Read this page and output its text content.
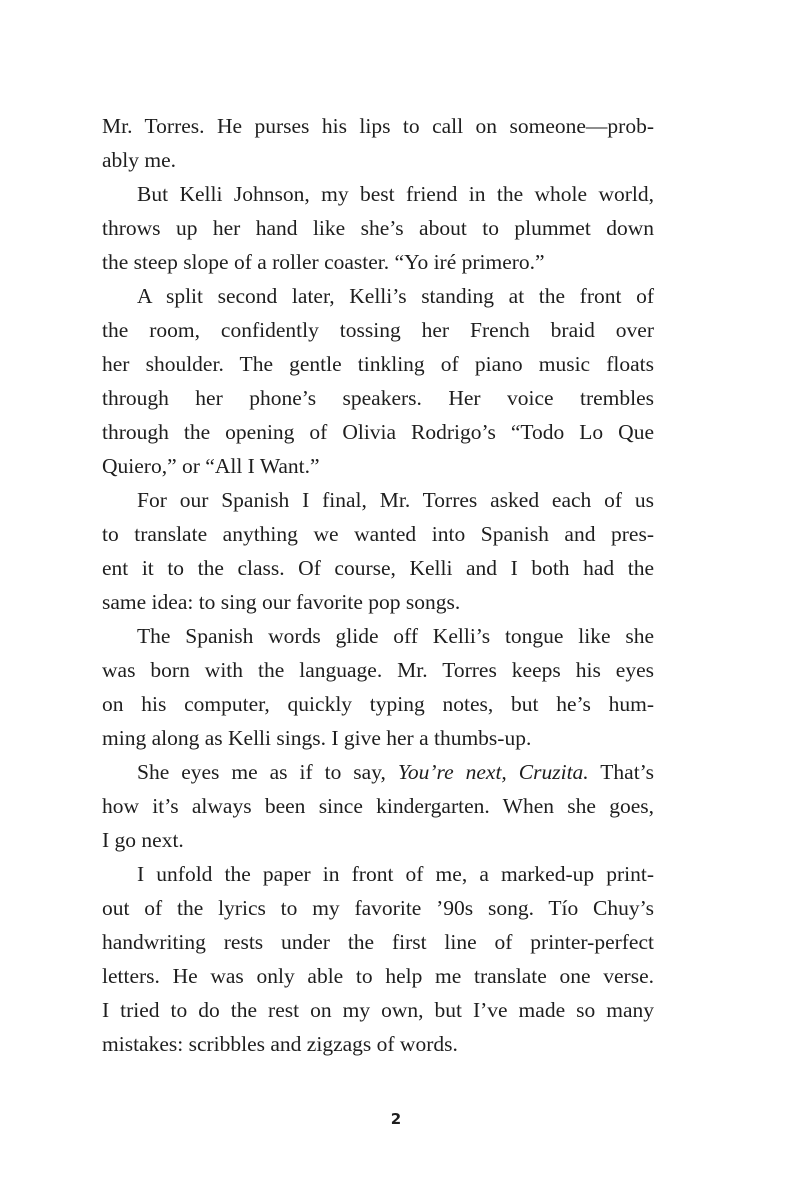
Mr. Torres. He purses his lips to call on someone—prob-
ably me.

But Kelli Johnson, my best friend in the whole world,
throws up her hand like she’s about to plummet down
the steep slope of a roller coaster. “Yo iré primero.”

A split second later, Kelli’s standing at the front of
the room, confidently tossing her French braid over
her shoulder. The gentle tinkling of piano music floats
through her phone’s speakers. Her voice trembles
through the opening of Olivia Rodrigo’s “Todo Lo Que
Quiero,” or “All I Want.”

For our Spanish I final, Mr. Torres asked each of us
to translate anything we wanted into Spanish and pres-
ent it to the class. Of course, Kelli and I both had the
same idea: to sing our favorite pop songs.

The Spanish words glide off Kelli’s tongue like she
was born with the language. Mr. Torres keeps his eyes
on his computer, quickly typing notes, but he’s hum-
ming along as Kelli sings. I give her a thumbs-up.

She eyes me as if to say, You’re next, Cruzita. That’s
how it’s always been since kindergarten. When she goes,
I go next.

I unfold the paper in front of me, a marked-up print-
out of the lyrics to my favorite ’90s song. Tío Chuy’s
handwriting rests under the first line of printer-perfect
letters. He was only able to help me translate one verse.
I tried to do the rest on my own, but I’ve made so many
mistakes: scribbles and zigzags of words.

2
